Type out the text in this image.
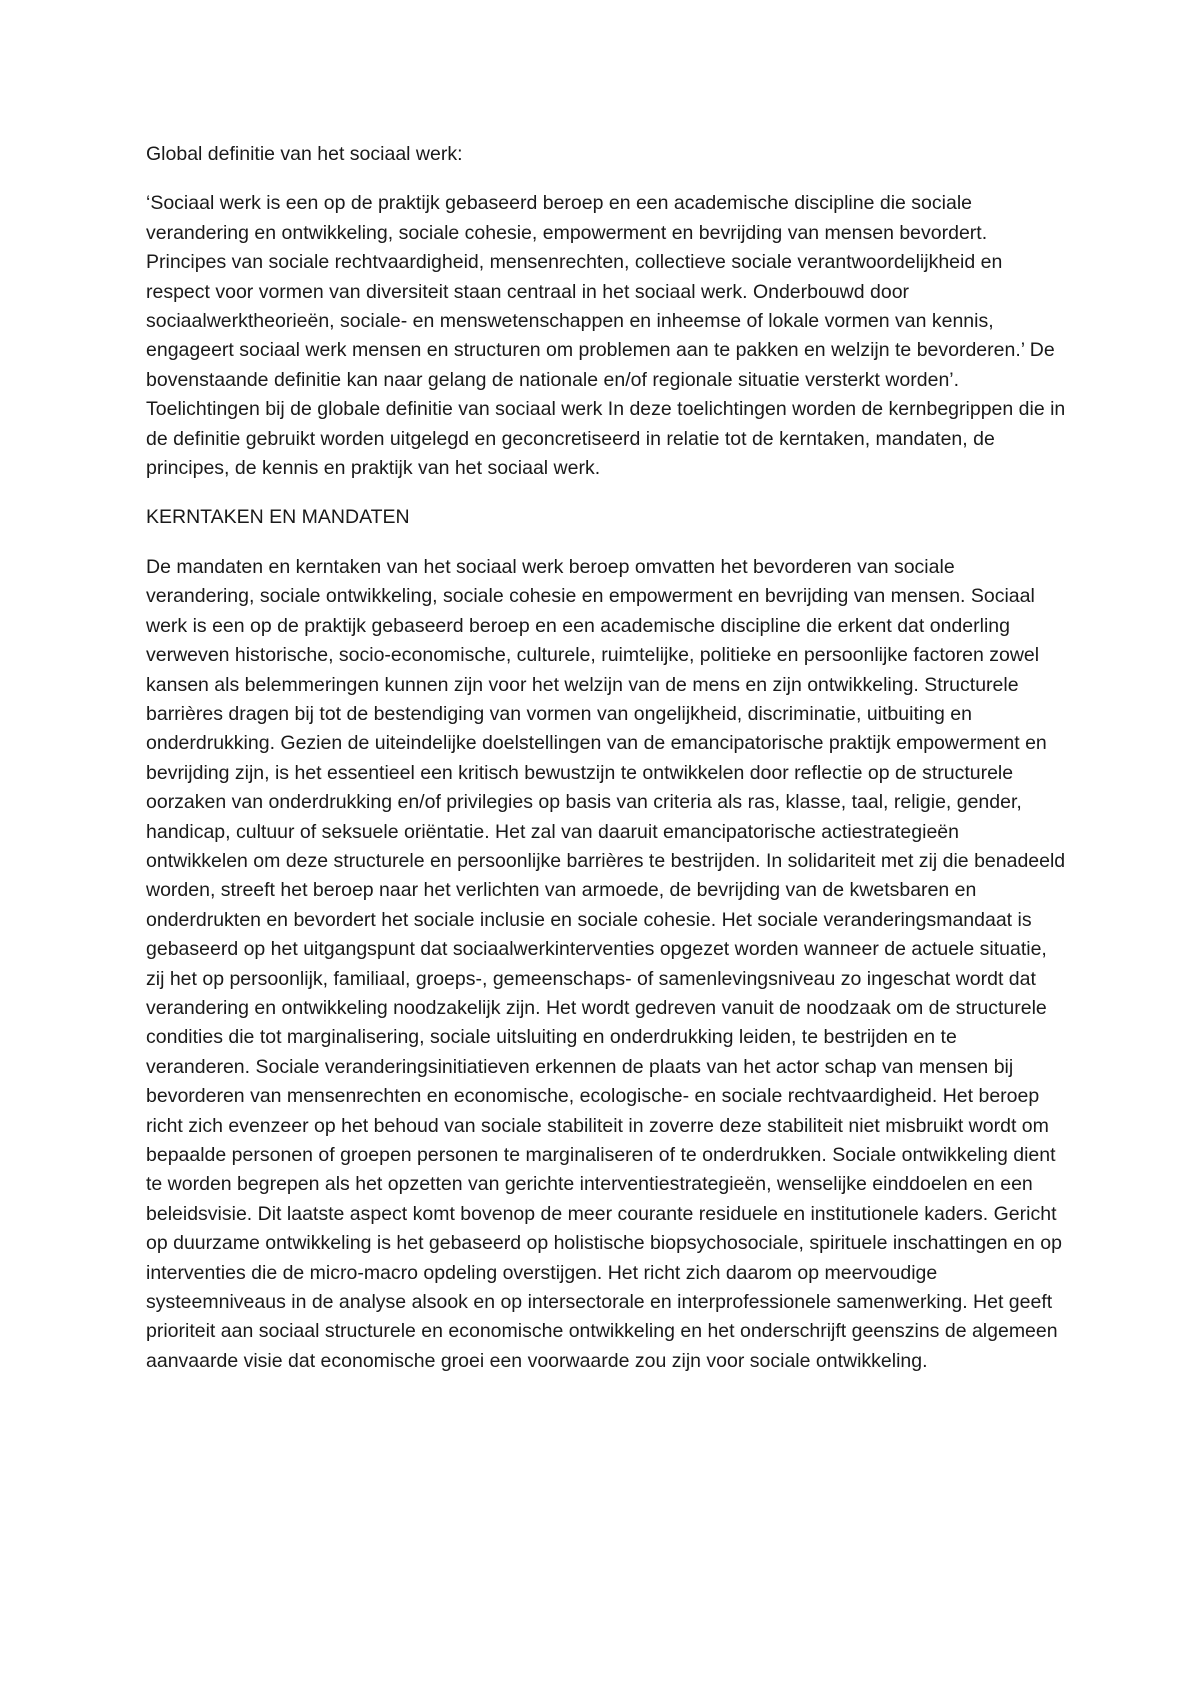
Global definitie van het sociaal werk:

‘Sociaal werk is een op de praktijk gebaseerd beroep en een academische discipline die sociale verandering en ontwikkeling, sociale cohesie, empowerment en bevrijding van mensen bevordert. Principes van sociale rechtvaardigheid, mensenrechten, collectieve sociale verantwoordelijkheid en respect voor vormen van diversiteit staan centraal in het sociaal werk. Onderbouwd door sociaalwerktheorieën, sociale- en menswetenschappen en inheemse of lokale vormen van kennis, engageert sociaal werk mensen en structuren om problemen aan te pakken en welzijn te bevorderen.’ De bovenstaande definitie kan naar gelang de nationale en/of regionale situatie versterkt worden’. Toelichtingen bij de globale definitie van sociaal werk In deze toelichtingen worden de kernbegrippen die in de definitie gebruikt worden uitgelegd en geconcretiseerd in relatie tot de kerntaken, mandaten, de principes, de kennis en praktijk van het sociaal werk.

KERNTAKEN EN MANDATEN

De mandaten en kerntaken van het sociaal werk beroep omvatten het bevorderen van sociale verandering, sociale ontwikkeling, sociale cohesie en empowerment en bevrijding van mensen. Sociaal werk is een op de praktijk gebaseerd beroep en een academische discipline die erkent dat onderling verweven historische, socio-economische, culturele, ruimtelijke, politieke en persoonlijke factoren zowel kansen als belemmeringen kunnen zijn voor het welzijn van de mens en zijn ontwikkeling. Structurele barrières dragen bij tot de bestendiging van vormen van ongelijkheid, discriminatie, uitbuiting en onderdrukking. Gezien de uiteindelijke doelstellingen van de emancipatorische praktijk empowerment en bevrijding zijn, is het essentieel een kritisch bewustzijn te ontwikkelen door reflectie op de structurele oorzaken van onderdrukking en/of privilegies op basis van criteria als ras, klasse, taal, religie, gender, handicap, cultuur of seksuele oriëntatie. Het zal van daaruit emancipatorische actiestrategieën ontwikkelen om deze structurele en persoonlijke barrières te bestrijden. In solidariteit met zij die benadeeld worden, streeft het beroep naar het verlichten van armoede, de bevrijding van de kwetsbaren en onderdrukten en bevordert het sociale inclusie en sociale cohesie. Het sociale veranderingsmandaat is gebaseerd op het uitgangspunt dat sociaalwerkinterventies opgezet worden wanneer de actuele situatie, zij het op persoonlijk, familiaal, groeps-, gemeenschaps- of samenlevingsniveau zo ingeschat wordt dat verandering en ontwikkeling noodzakelijk zijn. Het wordt gedreven vanuit de noodzaak om de structurele condities die tot marginalisering, sociale uitsluiting en onderdrukking leiden, te bestrijden en te veranderen. Sociale veranderingsinitiatieven erkennen de plaats van het actor schap van mensen bij bevorderen van mensenrechten en economische, ecologische- en sociale rechtvaardigheid. Het beroep richt zich evenzeer op het behoud van sociale stabiliteit in zoverre deze stabiliteit niet misbruikt wordt om bepaalde personen of groepen personen te marginaliseren of te onderdrukken. Sociale ontwikkeling dient te worden begrepen als het opzetten van gerichte interventiestrategieën, wenselijke einddoelen en een beleidsvisie. Dit laatste aspect komt bovenop de meer courante residuele en institutionele kaders. Gericht op duurzame ontwikkeling is het gebaseerd op holistische biopsychosociale, spirituele inschattingen en op interventies die de micro-macro opdeling overstijgen. Het richt zich daarom op meervoudige systeemniveaus in de analyse alsook en op intersectorale en interprofessionele samenwerking. Het geeft prioriteit aan sociaal structurele en economische ontwikkeling en het onderschrijft geenszins de algemeen aanvaarde visie dat economische groei een voorwaarde zou zijn voor sociale ontwikkeling.
